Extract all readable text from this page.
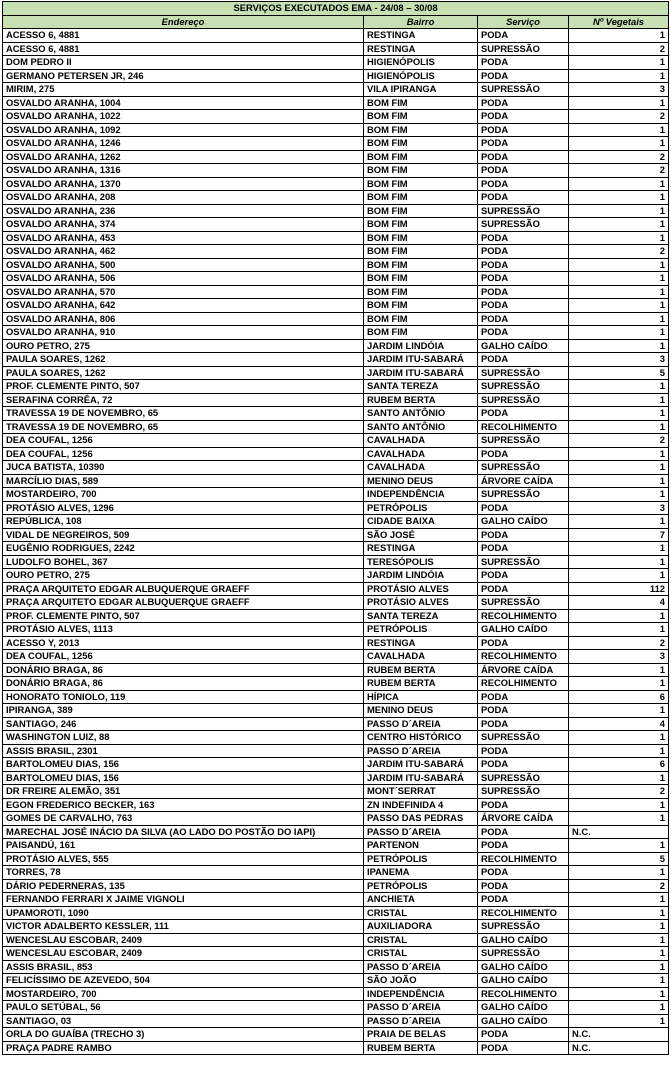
SERVIÇOS EXECUTADOS EMA - 24/08 – 30/08			
Endereço	Bairro	Serviço	Nº Vegetais
ACESSO 6, 4881	RESTINGA	PODA	1
ACESSO 6, 4881	RESTINGA	SUPRESSÃO	2
DOM PEDRO II	HIGIENÓPOLIS	PODA	1
GERMANO PETERSEN JR, 246	HIGIENÓPOLIS	PODA	1
MIRIM, 275	VILA IPIRANGA	SUPRESSÃO	3
OSVALDO ARANHA, 1004	BOM FIM	PODA	1
OSVALDO ARANHA, 1022	BOM FIM	PODA	2
OSVALDO ARANHA, 1092	BOM FIM	PODA	1
OSVALDO ARANHA, 1246	BOM FIM	PODA	1
OSVALDO ARANHA, 1262	BOM FIM	PODA	2
OSVALDO ARANHA, 1316	BOM FIM	PODA	2
OSVALDO ARANHA, 1370	BOM FIM	PODA	1
OSVALDO ARANHA, 208	BOM FIM	PODA	1
OSVALDO ARANHA, 236	BOM FIM	SUPRESSÃO	1
OSVALDO ARANHA, 374	BOM FIM	SUPRESSÃO	1
OSVALDO ARANHA, 453	BOM FIM	PODA	1
OSVALDO ARANHA, 462	BOM FIM	PODA	2
OSVALDO ARANHA, 500	BOM FIM	PODA	1
OSVALDO ARANHA, 506	BOM FIM	PODA	1
OSVALDO ARANHA, 570	BOM FIM	PODA	1
OSVALDO ARANHA, 642	BOM FIM	PODA	1
OSVALDO ARANHA, 806	BOM FIM	PODA	1
OSVALDO ARANHA, 910	BOM FIM	PODA	1
OURO PETRO, 275	JARDIM LINDÓIA	GALHO CAÍDO	1
PAULA SOARES, 1262	JARDIM ITU-SABARÁ	PODA	3
PAULA SOARES, 1262	JARDIM ITU-SABARÁ	SUPRESSÃO	5
PROF. CLEMENTE PINTO, 507	SANTA TEREZA	SUPRESSÃO	1
SERAFINA CORRÊA, 72	RUBEM BERTA	SUPRESSÃO	1
TRAVESSA 19 DE NOVEMBRO, 65	SANTO ANTÔNIO	PODA	1
TRAVESSA 19 DE NOVEMBRO, 65	SANTO ANTÔNIO	RECOLHIMENTO	1
DEA COUFAL, 1256	CAVALHADA	SUPRESSÃO	2
DEA COUFAL, 1256	CAVALHADA	PODA	1
JUCA BATISTA, 10390	CAVALHADA	SUPRESSÃO	1
MARCÍLIO DIAS, 589	MENINO DEUS	ÁRVORE CAÍDA	1
MOSTARDEIRO, 700	INDEPENDÊNCIA	SUPRESSÃO	1
PROTÁSIO ALVES, 1296	PETRÓPOLIS	PODA	3
REPÚBLICA, 108	CIDADE BAIXA	GALHO CAÍDO	1
VIDAL DE NEGREIROS, 509	SÃO JOSÉ	PODA	7
EUGÊNIO RODRIGUES, 2242	RESTINGA	PODA	1
LUDOLFO BOHEL, 367	TERESÓPOLIS	SUPRESSÃO	1
OURO PETRO, 275	JARDIM LINDÓIA	PODA	1
PRAÇA ARQUITETO EDGAR ALBUQUERQUE GRAEFF	PROTÁSIO ALVES	PODA	112
PRAÇA ARQUITETO EDGAR ALBUQUERQUE GRAEFF	PROTÁSIO ALVES	SUPRESSÃO	4
PROF. CLEMENTE PINTO, 507	SANTA TEREZA	RECOLHIMENTO	1
PROTÁSIO ALVES, 1113	PETRÓPOLIS	GALHO CAÍDO	1
ACESSO Y, 2013	RESTINGA	PODA	2
DEA COUFAL, 1256	CAVALHADA	RECOLHIMENTO	3
DONÁRIO BRAGA, 86	RUBEM BERTA	ÁRVORE CAÍDA	1
DONÁRIO BRAGA, 86	RUBEM BERTA	RECOLHIMENTO	1
HONORATO TONIOLO, 119	HÍPICA	PODA	6
IPIRANGA, 389	MENINO DEUS	PODA	1
SANTIAGO, 246	PASSO D´AREIA	PODA	4
WASHINGTON LUIZ, 88	CENTRO HISTÓRICO	SUPRESSÃO	1
ASSIS BRASIL, 2301	PASSO D´AREIA	PODA	1
BARTOLOMEU DIAS, 156	JARDIM ITU-SABARÁ	PODA	6
BARTOLOMEU DIAS, 156	JARDIM ITU-SABARÁ	SUPRESSÃO	1
DR FREIRE ALEMÃO, 351	MONT´SERRAT	SUPRESSÃO	2
EGON FREDERICO BECKER, 163	ZN INDEFINIDA 4	PODA	1
GOMES DE CARVALHO, 763	PASSO DAS PEDRAS	ÁRVORE CAÍDA	1
MARECHAL JOSÉ INÁCIO DA SILVA (AO LADO DO POSTÃO DO IAPI)	PASSO D´AREIA	PODA	N.C.
PAISANDÚ, 161	PARTENON	PODA	1
PROTÁSIO ALVES, 555	PETRÓPOLIS	RECOLHIMENTO	5
TORRES, 78	IPANEMA	PODA	1
DÁRIO PEDERNERAS, 135	PETRÓPOLIS	PODA	2
FERNANDO FERRARI X JAIME VIGNOLI	ANCHIETA	PODA	1
UPAMOROTI, 1090	CRISTAL	RECOLHIMENTO	1
VICTOR ADALBERTO KESSLER, 111	AUXILIADORA	SUPRESSÃO	1
WENCESLAU ESCOBAR, 2409	CRISTAL	GALHO CAÍDO	1
WENCESLAU ESCOBAR, 2409	CRISTAL	SUPRESSÃO	1
ASSIS BRASIL, 853	PASSO D´AREIA	GALHO CAÍDO	1
FELICÍSSIMO DE AZEVEDO, 504	SÃO JOÃO	GALHO CAÍDO	1
MOSTARDEIRO, 700	INDEPENDÊNCIA	RECOLHIMENTO	1
PAULO SETÚBAL, 56	PASSO D´AREIA	GALHO CAÍDO	1
SANTIAGO, 03	PASSO D´AREIA	GALHO CAÍDO	1
ORLA DO GUAÍBA (TRECHO 3)	PRAIA DE BELAS	PODA	N.C.
PRAÇA PADRE RAMBO	RUBEM BERTA	PODA	N.C.
